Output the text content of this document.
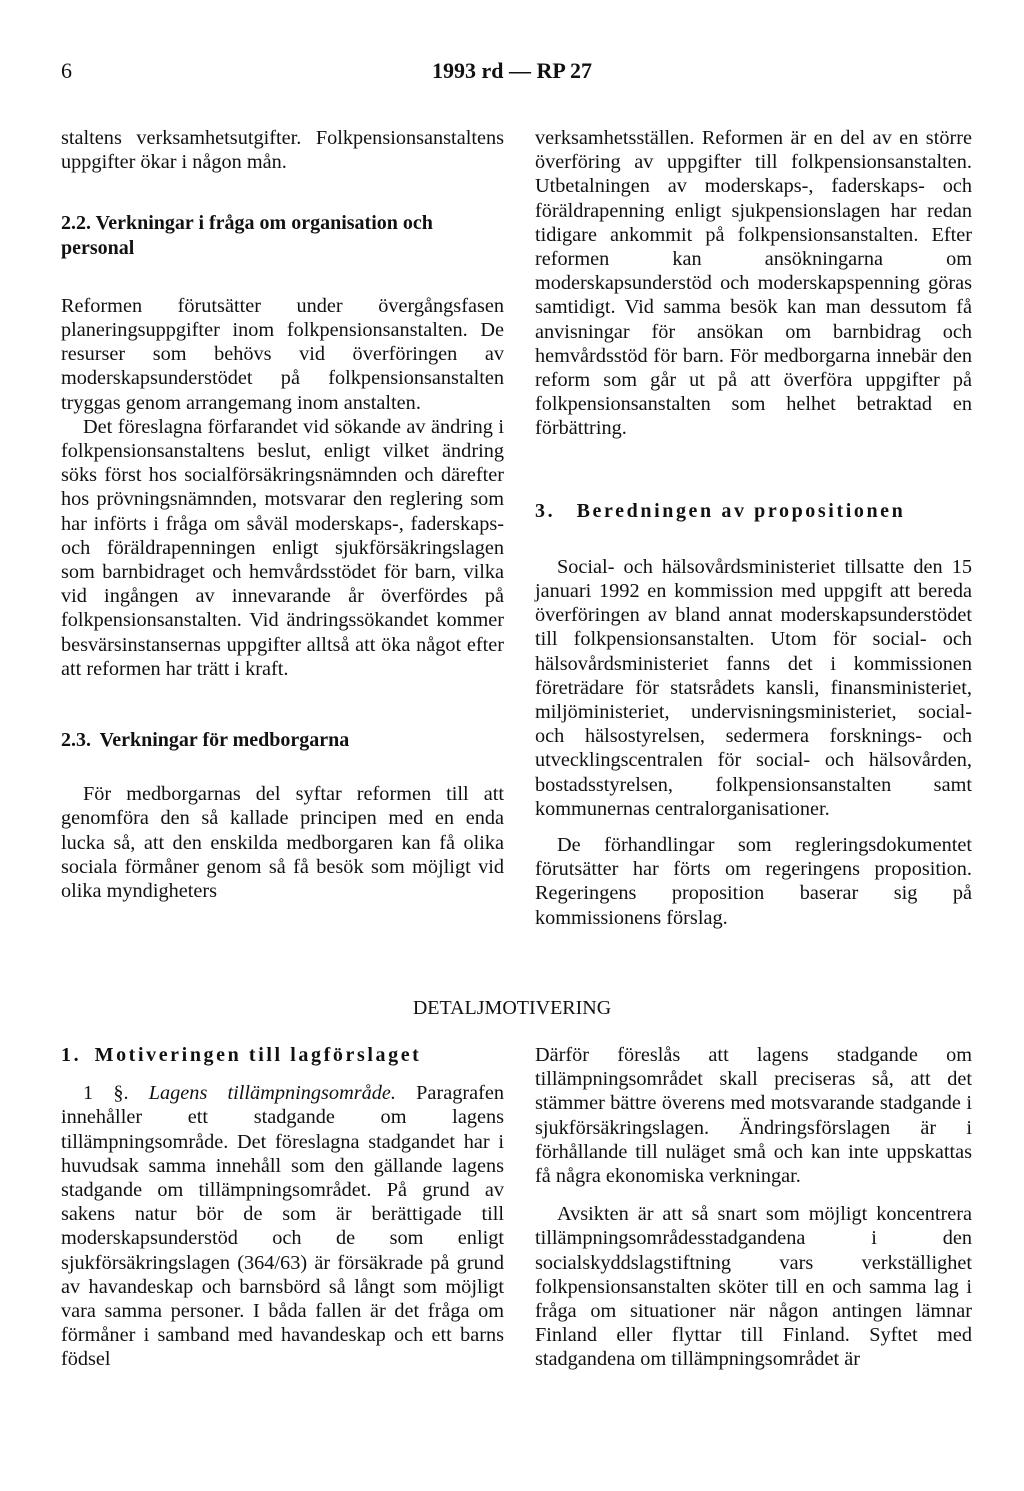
6	1993 rd — RP 27

staltens verksamhetsutgifter. Folkpensionsanstaltens uppgifter ökar i någon mån.

2.2. Verkningar i fråga om organisation och personal

Reformen förutsätter under övergångsfasen planeringsuppgifter inom folkpensionsanstalten. De resurser som behövs vid överföringen av moderskapsunderstödet på folkpensionsanstalten tryggas genom arrangemang inom anstalten.

Det föreslagna förfarandet vid sökande av ändring i folkpensionsanstaltens beslut, enligt vilket ändring söks först hos socialförsäkringsnämnden och därefter hos prövningsnämnden, motsvarar den reglering som har införts i fråga om såväl moderskaps-, faderskaps- och föräldrapenningen enligt sjukförsäkringslagen som barnbidraget och hemvårdsstödet för barn, vilka vid ingången av innevarande år överfördes på folkpensionsanstalten. Vid ändringssökandet kommer besvärsinstansernas uppgifter alltså att öka något efter att reformen har trätt i kraft.

2.3. Verkningar för medborgarna

För medborgarnas del syftar reformen till att genomföra den så kallade principen med en enda lucka så, att den enskilda medborgaren kan få olika sociala förmåner genom så få besök som möjligt vid olika myndigheters

verksamhetsställen. Reformen är en del av en större överföring av uppgifter till folkpensionsanstalten. Utbetalningen av moderskaps-, faderskaps- och föräldrapenning enligt sjukpensionslagen har redan tidigare ankommit på folkpensionsanstalten. Efter reformen kan ansökningarna om moderskapsunderstöd och moderskapspenning göras samtidigt. Vid samma besök kan man dessutom få anvisningar för ansökan om barnbidrag och hemvårdsstöd för barn. För medborgarna innebär den reform som går ut på att överföra uppgifter på folkpensionsanstalten som helhet betraktad en förbättring.

3. Beredningen av propositionen

Social- och hälsovårdsministeriet tillsatte den 15 januari 1992 en kommission med uppgift att bereda överföringen av bland annat moderskapsunderstödet till folkpensionsanstalten. Utom för social- och hälsovårdsministeriet fanns det i kommissionen företrädare för statsrådets kansli, finansministeriet, miljöministeriet, undervisningsministeriet, social- och hälsostyrelsen, sedermera forsknings- och utvecklingscentralen för social- och hälsovården, bostadsstyrelsen, folkpensionsanstalten samt kommunernas centralorganisationer.

De förhandlingar som regleringsdokumentet förutsätter har förts om regeringens proposition. Regeringens proposition baserar sig på kommissionens förslag.

DETALJMOTIVERING
1. Motiveringen till lagförslaget

1 §. Lagens tillämpningsområde. Paragrafen innehåller ett stadgande om lagens tillämpningsområde. Det föreslagna stadgandet har i huvudsak samma innehåll som den gällande lagens stadgande om tillämpningsområdet. På grund av sakens natur bör de som är berättigade till moderskapsunderstöd och de som enligt sjukförsäkringslagen (364/63) är försäkrade på grund av havandeskap och barnsbörd så långt som möjligt vara samma personer. I båda fallen är det fråga om förmåner i samband med havandeskap och ett barns födsel

Därför föreslås att lagens stadgande om tillämpningsområdet skall preciseras så, att det stämmer bättre överens med motsvarande stadgande i sjukförsäkringslagen. Ändringsförslagen är i förhållande till nuläget små och kan inte uppskattas få några ekonomiska verkningar.

Avsikten är att så snart som möjligt koncentrera tillämpningsområdesstadgandena i den socialskyddslagstiftning vars verkställighet folkpensionsanstalten sköter till en och samma lag i fråga om situationer när någon antingen lämnar Finland eller flyttar till Finland. Syftet med stadgandena om tillämpningsområdet är
